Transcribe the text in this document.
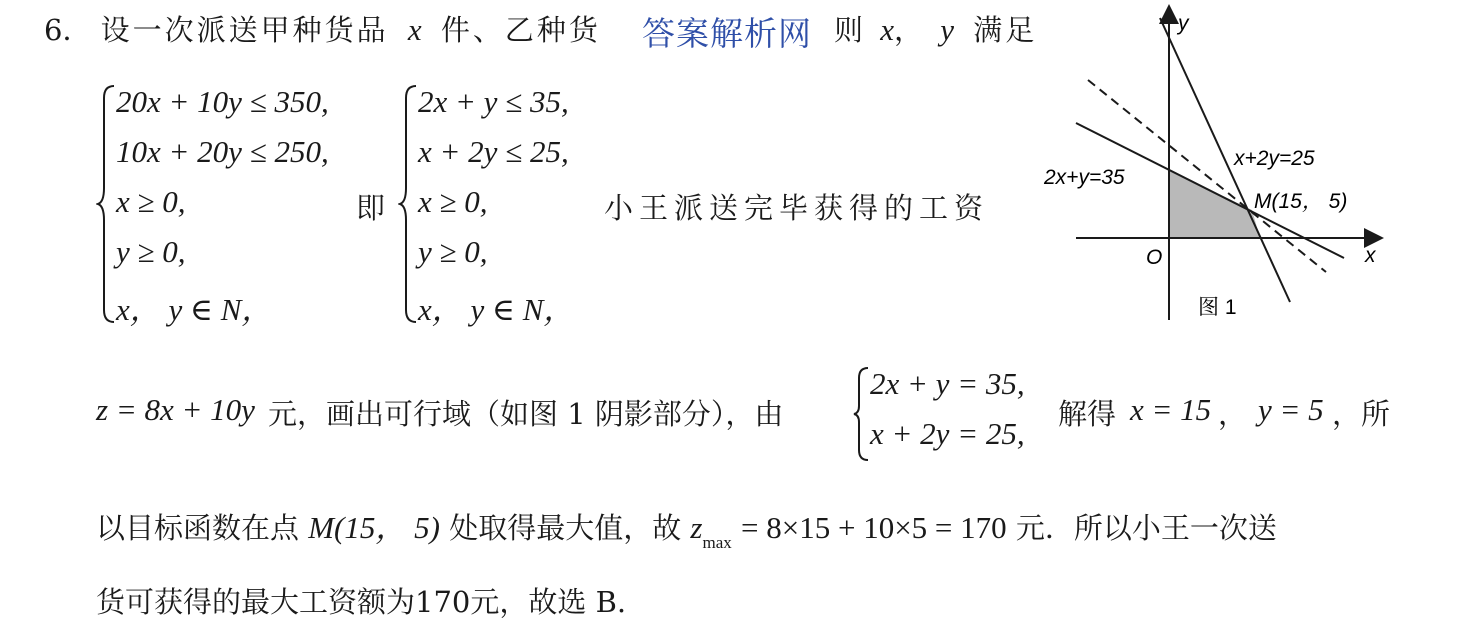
6． 设一次派送甲种货品 x 件、乙种货 答案解析网 则 x， y 满足
20x + 10y ≤ 350,
10x + 20y ≤ 250,
x ≥ 0,
y ≥ 0,
x， y ∈ N，
即
2x + y ≤ 35,
x + 2y ≤ 25,
x ≥ 0,
y ≥ 0,
x， y ∈ N，
小王派送完毕获得的工资
y
x
O
x+2y=25
2x+y=35
M(15， 5)
图 1
z = 8x + 10y 元，画出可行域（如图 1 阴影部分），由
2x + y = 35,
x + 2y = 25,
解得 x = 15 ， y = 5 ，所
以目标函数在点 M(15， 5) 处取得最大值，故 $z_{max} = 8\times 15 + 10\times 5 = 170$ 元．所以小王一次送
货可获得的最大工资额为170元，故选 B.
